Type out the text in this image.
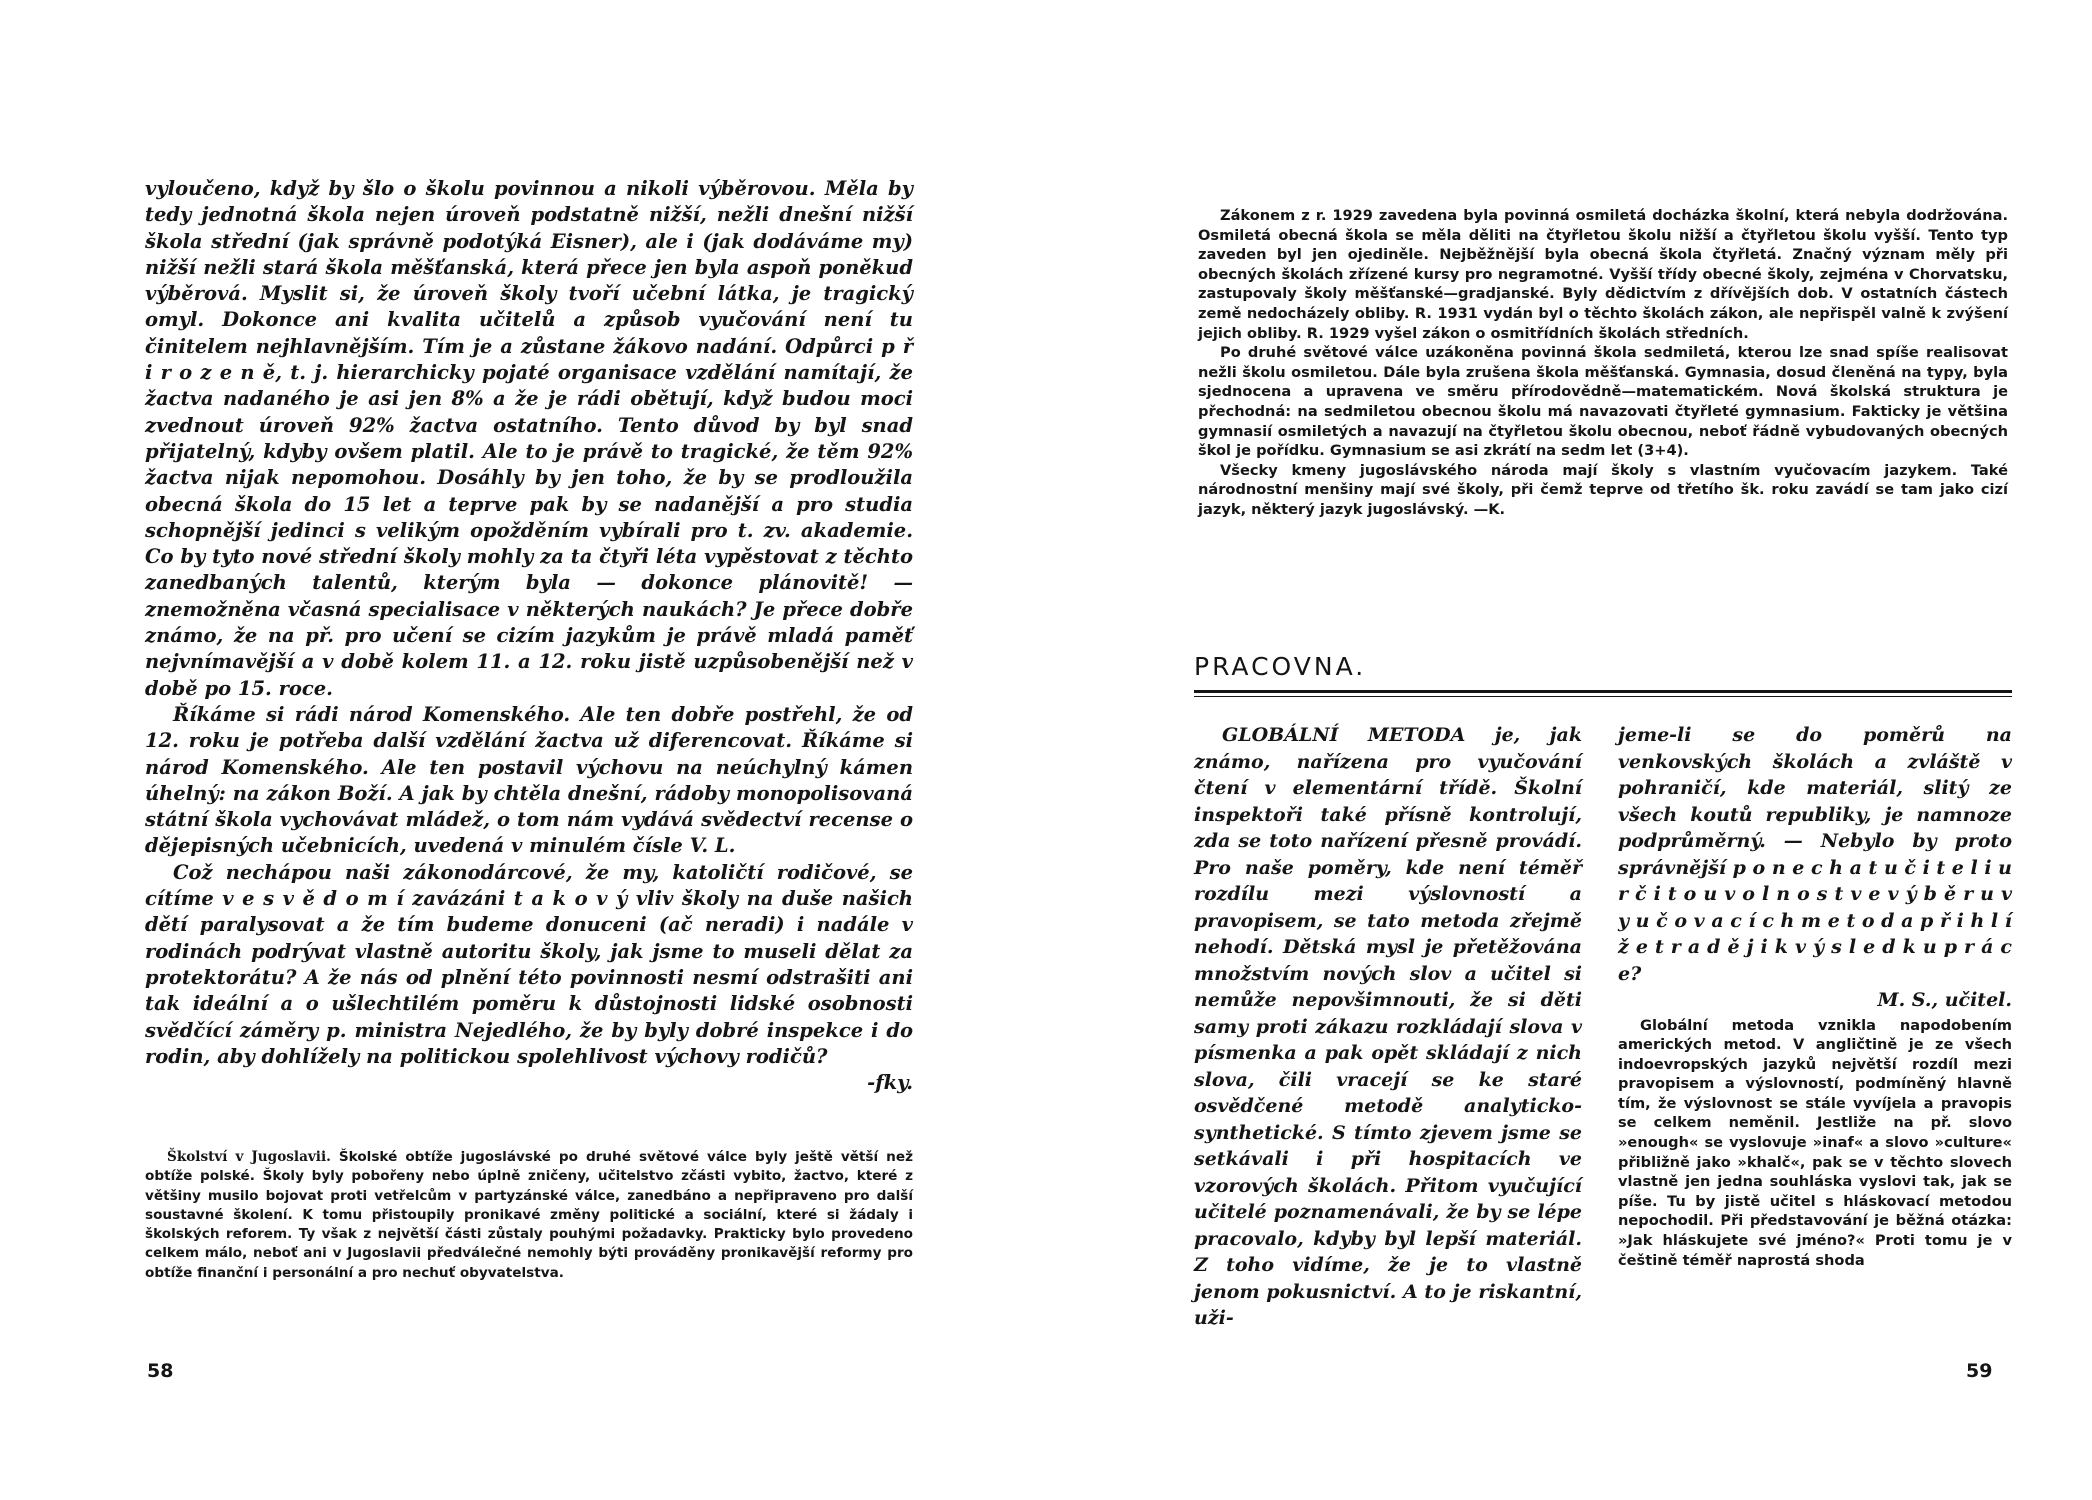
vyloučeno, když by šlo o školu povinnou a nikoli výběrovou. Měla by tedy jednotná škola nejen úroveň podstatně nižší, nežli dnešní nižší škola střední (jak správně podotýká Eisner), ale i (jak dodáváme my) nižší nežli stará škola měšťanská, která přece jen byla aspoň poněkud výběrová. Myslit si, že úroveň školy tvoří učební látka, je tragický omyl. Dokonce ani kvalita učitelů a způsob vyučování není tu činitelem nejhlavnějším. Tím je a zůstane žákovo nadání. Odpůrci p ř i r o z e n ě, t. j. hierarchicky pojaté organisace vzdělání namítají, že žactva nadaného je asi jen 8% a že je rádi obětují, když budou moci zvednout úroveň 92% žactva ostatního. Tento důvod by byl snad přijatelný, kdyby ovšem platil. Ale to je právě to tragické, že těm 92% žactva nijak nepomohou. Dosáhly by jen toho, že by se prodloužila obecná škola do 15 let a teprve pak by se nadanější a pro studia schopnější jedinci s velikým opožděním vybírali pro t. zv. akademie. Co by tyto nové střední školy mohly za ta čtyři léta vypěstovat z těchto zanedbaných talentů, kterým byla — dokonce plánovitě! — znemožněna včasná specialisace v některých naukách? Je přece dobře známo, že na př. pro učení se cizím jazykům je právě mladá paměť nejvnímavější a v době kolem 11. a 12. roku jistě uzpůsobenější než v době po 15. roce.

Říkáme si rádi národ Komenského. Ale ten dobře postřehl, že od 12. roku je potřeba další vzdělání žactva už diferencovat. Říkáme si národ Komenského. Ale ten postavil výchovu na neúchylný kámen úhelný: na zákon Boží. A jak by chtěla dnešní, rádoby monopolisovaná státní škola vychovávat mládež, o tom nám vydává svědectví recense o dějepisných učebnicích, uvedená v minulém čísle V. L.

Což nechápou naši zákonodárcové, že my, katoličtí rodičové, se cítíme v e s v ě d o m í zavázáni t a k o v ý vliv školy na duše našich dětí paralysovat a že tím budeme donuceni (ač neradi) i nadále v rodinách podrývat vlastně autoritu školy, jak jsme to museli dělat za protektorátu? A že nás od plnění této povinnosti nesmí odstrašiti ani tak ideální a o ušlechtilém poměru k důstojnosti lidské osobnosti svědčící záměry p. ministra Nejedlého, že by byly dobré inspekce i do rodin, aby dohlížely na politickou spolehlivost výchovy rodičů?

-fky.

Školství v Jugoslavii. Školské obtíže jugoslávské po druhé světové válce byly ještě větší než obtíže polské. Školy byly pobořeny nebo úplně zničeny, učitelstvo zčásti vybito, žactvo, které z většiny musilo bojovat proti vetřelcům v partyzánské válce, zanedbáno a nepřipraveno pro další soustavné školení. K tomu přistoupily pronikavé změny politické a sociální, které si žádaly i školských reforem. Ty však z největší části zůstaly pouhými požadavky. Prakticky bylo provedeno celkem málo, neboť ani v Jugoslavii předválečné nemohly býti prováděny pronikavější reformy pro obtíže finanční i personální a pro nechuť obyvatelstva.

58

Zákonem z r. 1929 zavedena byla povinná osmiletá docházka školní, která nebyla dodržována. Osmiletá obecná škola se měla děliti na čtyřletou školu nižší a čtyřletou školu vyšší. Tento typ zaveden byl jen ojediněle. Nejběžnější byla obecná škola čtyřletá. Značný význam měly při obecných školách zřízené kursy pro negramotné. Vyšší třídy obecné školy, zejména v Chorvatsku, zastupovaly školy měšťanské—gradjanské. Byly dědictvím z dřívějších dob. V ostatních částech země nedocházely obliby. R. 1931 vydán byl o těchto školách zákon, ale nepřispěl valně k zvýšení jejich obliby. R. 1929 vyšel zákon o osmitřídních školách středních.

Po druhé světové válce uzákoněna povinná škola sedmiletá, kterou lze snad spíše realisovat nežli školu osmiletou. Dále byla zrušena škola měšťanská. Gymnasia, dosud členěná na typy, byla sjednocena a upravena ve směru přírodovědně—matematickém. Nová školská struktura je přechodná: na sedmiletou obecnou školu má navazovati čtyřleté gymnasium. Fakticky je většina gymnasií osmiletých a navazují na čtyřletou školu obecnou, neboť řádně vybudovaných obecných škol je pořídku. Gymnasium se asi zkrátí na sedm let (3+4).

Všecky kmeny jugoslávského národa mají školy s vlastním vyučovacím jazykem. Také národnostní menšiny mají své školy, při čemž teprve od třetího šk. roku zavádí se tam jako cizí jazyk, některý jazyk jugoslávský. —K.

PRACOVNA.

GLOBÁLNÍ METODA je, jak známo, nařízena pro vyučování čtení v elementární třídě. Školní inspektoři také přísně kontrolují, zda se toto nařízení přesně provádí. Pro naše poměry, kde není téměř rozdílu mezi výslovností a pravopisem, se tato metoda zřejmě nehodí. Dětská mysl je přetěžována množstvím nových slov a učitel si nemůže nepovšimnouti, že si děti samy proti zákazu rozkládají slova v písmenka a pak opět skládají z nich slova, čili vracejí se ke staré osvědčené metodě analyticko-synthetické. S tímto zjevem jsme se setkávali i při hospitacích ve vzorových školách. Přitom vyučující učitelé poznamenávali, že by se lépe pracovalo, kdyby byl lepší materiál. Z toho vidíme, že je to vlastně jenom pokusnictví. A to je riskantní, uži-

jeme-li se do poměrů na venkovských školách a zvláště v pohraničí, kde materiál, slitý ze všech koutů republiky, je namnoze podprůměrný. — Nebylo by proto správnější p o n e c h a t u č i t e l i u r č i t o u v o l n o s t v e v ý b ě r u v y u č o v a c í c h m e t o d a p ř i h l í ž e t r a d ě j i k v ý s l e d k u p r á c e?

M. S., učitel.

Globální metoda vznikla napodobením amerických metod. V angličtině je ze všech indoevropských jazyků největší rozdíl mezi pravopisem a výslovností, podmíněný hlavně tím, že výslovnost se stále vyvíjela a pravopis se celkem neměnil. Jestliže na př. slovo »enough« se vyslovuje »inaf« a slovo »culture« přibližně jako »khalč«, pak se v těchto slovech vlastně jen jedna souhláska vyslovi tak, jak se píše. Tu by jistě učitel s hláskovací metodou nepochodil. Při představování je běžná otázka: »Jak hláskujete své jméno?« Proti tomu je v češtině téměř naprostá shoda

59
